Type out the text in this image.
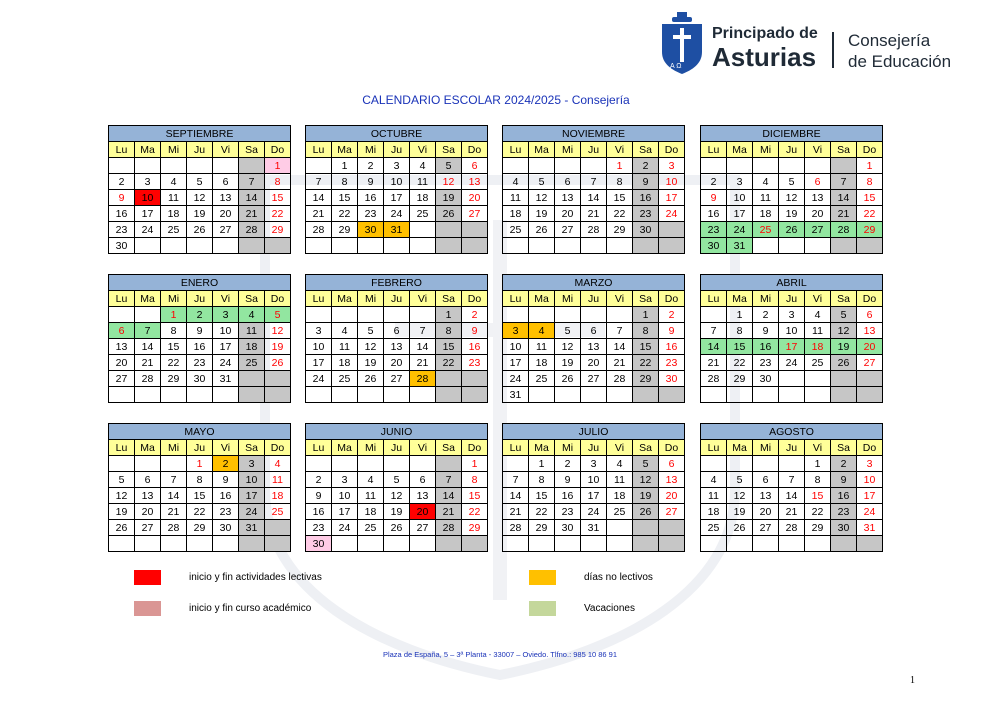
A Ω
Principado de
Asturias
Consejería
de Educación
CALENDARIO ESCOLAR 2024/2025 - Consejería
SEPTIEMBRE						
Lu	Ma	Mi	Ju	Vi	Sa	Do
						1
2	3	4	5	6	7	8
9	10	11	12	13	14	15
16	17	18	19	20	21	22
23	24	25	26	27	28	29
30						
OCTUBRE						
Lu	Ma	Mi	Ju	Vi	Sa	Do
	1	2	3	4	5	6
7	8	9	10	11	12	13
14	15	16	17	18	19	20
21	22	23	24	25	26	27
28	29	30	31			

NOVIEMBRE						
Lu	Ma	Mi	Ju	Vi	Sa	Do
				1	2	3
4	5	6	7	8	9	10
11	12	13	14	15	16	17
18	19	20	21	22	23	24
25	26	27	28	29	30	

DICIEMBRE						
Lu	Ma	Mi	Ju	Vi	Sa	Do
						1
2	3	4	5	6	7	8
9	10	11	12	13	14	15
16	17	18	19	20	21	22
23	24	25	26	27	28	29
30	31					
ENERO						
Lu	Ma	Mi	Ju	Vi	Sa	Do
		1	2	3	4	5
6	7	8	9	10	11	12
13	14	15	16	17	18	19
20	21	22	23	24	25	26
27	28	29	30	31		

FEBRERO						
Lu	Ma	Mi	Ju	Vi	Sa	Do
					1	2
3	4	5	6	7	8	9
10	11	12	13	14	15	16
17	18	19	20	21	22	23
24	25	26	27	28		

MARZO						
Lu	Ma	Mi	Ju	Vi	Sa	Do
					1	2
3	4	5	6	7	8	9
10	11	12	13	14	15	16
17	18	19	20	21	22	23
24	25	26	27	28	29	30
31						
ABRIL						
Lu	Ma	Mi	Ju	Vi	Sa	Do
	1	2	3	4	5	6
7	8	9	10	11	12	13
14	15	16	17	18	19	20
21	22	23	24	25	26	27
28	29	30				

MAYO						
Lu	Ma	Mi	Ju	Vi	Sa	Do
			1	2	3	4
5	6	7	8	9	10	11
12	13	14	15	16	17	18
19	20	21	22	23	24	25
26	27	28	29	30	31	

JUNIO						
Lu	Ma	Mi	Ju	Vi	Sa	Do
						1
2	3	4	5	6	7	8
9	10	11	12	13	14	15
16	17	18	19	20	21	22
23	24	25	26	27	28	29
30						
JULIO						
Lu	Ma	Mi	Ju	Vi	Sa	Do
	1	2	3	4	5	6
7	8	9	10	11	12	13
14	15	16	17	18	19	20
21	22	23	24	25	26	27
28	29	30	31			

AGOSTO						
Lu	Ma	Mi	Ju	Vi	Sa	Do
				1	2	3
4	5	6	7	8	9	10
11	12	13	14	15	16	17
18	19	20	21	22	23	24
25	26	27	28	29	30	31

inicio y fin actividades lectivas
inicio y fin curso académico
días no lectivos
Vacaciones
Plaza de España, 5 – 3ª Planta - 33007 – Oviedo. Tlfno.: 985 10 86 91
1
